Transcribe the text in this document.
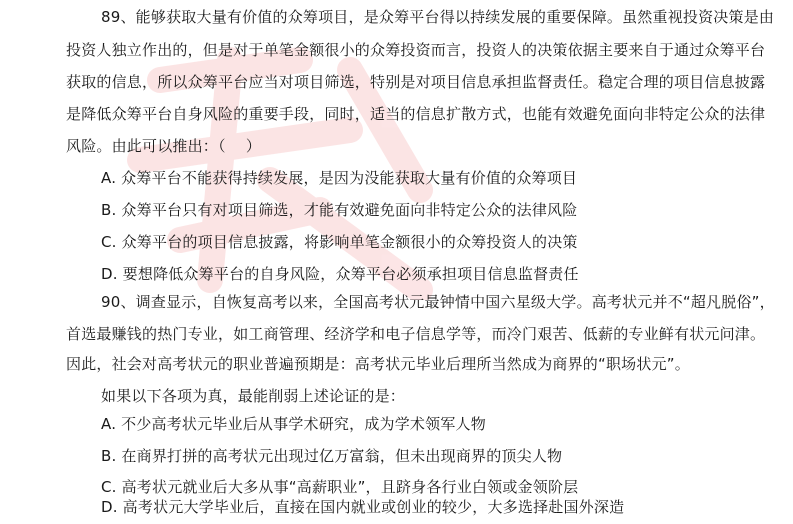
89、能够获取大量有价值的众筹项目，是众筹平台得以持续发展的重要保障。虽然重视投资决策是由
投资人独立作出的，但是对于单笔金额很小的众筹投资而言，投资人的决策依据主要来自于通过众筹平台
获取的信息，所以众筹平台应当对项目筛选，特别是对项目信息承担监督责任。稳定合理的项目信息披露
是降低众筹平台自身风险的重要手段，同时，适当的信息扩散方式，也能有效避免面向非特定公众的法律
风险。由此可以推出：（　 ）
A. 众筹平台不能获得持续发展，是因为没能获取大量有价值的众筹项目
B. 众筹平台只有对项目筛选，才能有效避免面向非特定公众的法律风险
C. 众筹平台的项目信息披露，将影响单笔金额很小的众筹投资人的决策
D. 要想降低众筹平台的自身风险，众筹平台必须承担项目信息监督责任
90、调查显示，自恢复高考以来，全国高考状元最钟情中国六星级大学。高考状元并不“超凡脱俗”，
首选最赚钱的热门专业，如工商管理、经济学和电子信息学等，而冷门艰苦、低薪的专业鲜有状元问津。
因此，社会对高考状元的职业普遍预期是：高考状元毕业后理所当然成为商界的“职场状元”。
如果以下各项为真，最能削弱上述论证的是：
A. 不少高考状元毕业后从事学术研究，成为学术领军人物
B. 在商界打拼的高考状元出现过亿万富翁，但未出现商界的顶尖人物
C. 高考状元就业后大多从事“高薪职业”，且跻身各行业白领或金领阶层
D. 高考状元大学毕业后，直接在国内就业或创业的较少，大多选择赴国外深造
